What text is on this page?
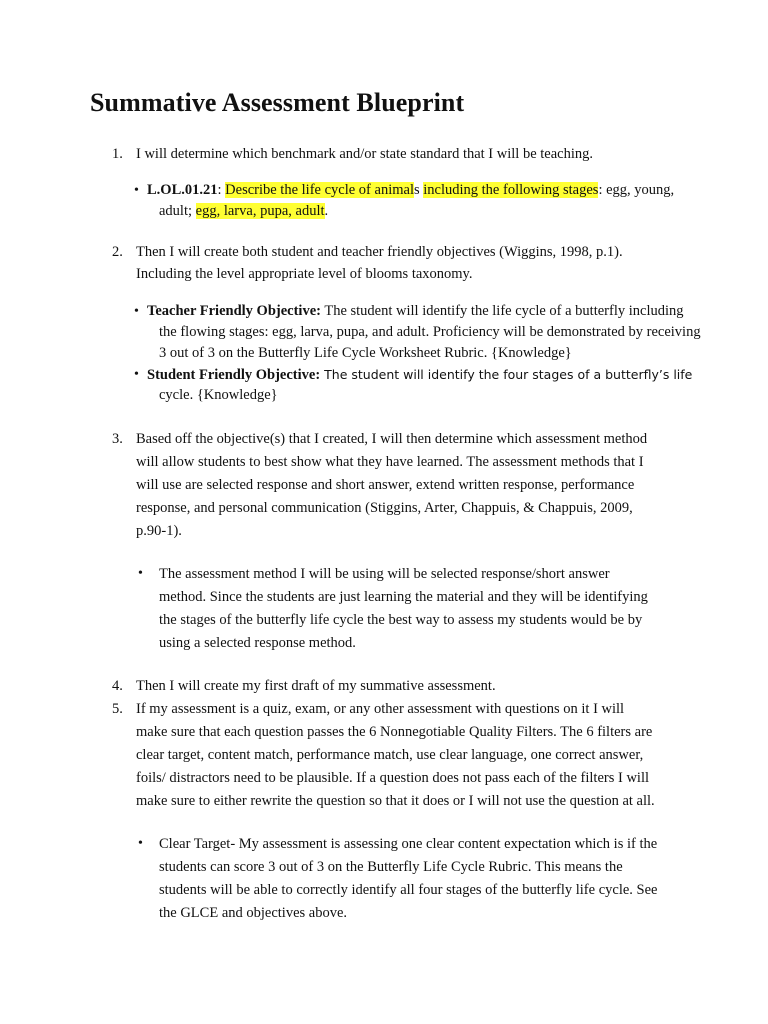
Summative Assessment Blueprint
1. I will determine which benchmark and/or state standard that I will be teaching.

• L.OL.01.21: Describe the life cycle of animals including the following stages: egg, young,

adult; egg, larva, pupa, adult.

2. Then I will create both student and teacher friendly objectives (Wiggins, 1998, p.1).

Including the level appropriate level of blooms taxonomy.

• Teacher Friendly Objective: The student will identify the life cycle of a butterfly including

the flowing stages: egg, larva, pupa, and adult. Proficiency will be demonstrated by receiving

3 out of 3 on the Butterfly Life Cycle Worksheet Rubric. {Knowledge}

• Student Friendly Objective: The student will identify the four stages of a butterfly’s life

cycle. {Knowledge}

3. Based off the objective(s) that I created, I will then determine which assessment method

will allow students to best show what they have learned. The assessment methods that I

will use are selected response and short answer, extend written response, performance

response, and personal communication (Stiggins, Arter, Chappuis, & Chappuis, 2009,

p.90-1).

• The assessment method I will be using will be selected response/short answer

method. Since the students are just learning the material and they will be identifying

the stages of the butterfly life cycle the best way to assess my students would be by

using a selected response method.

4. Then I will create my first draft of my summative assessment.

5. If my assessment is a quiz, exam, or any other assessment with questions on it I will

make sure that each question passes the 6 Nonnegotiable Quality Filters. The 6 filters are

clear target, content match, performance match, use clear language, one correct answer,

foils/ distractors need to be plausible. If a question does not pass each of the filters I will

make sure to either rewrite the question so that it does or I will not use the question at all.

• Clear Target- My assessment is assessing one clear content expectation which is if the

students can score 3 out of 3 on the Butterfly Life Cycle Rubric. This means the

students will be able to correctly identify all four stages of the butterfly life cycle. See

the GLCE and objectives above.
